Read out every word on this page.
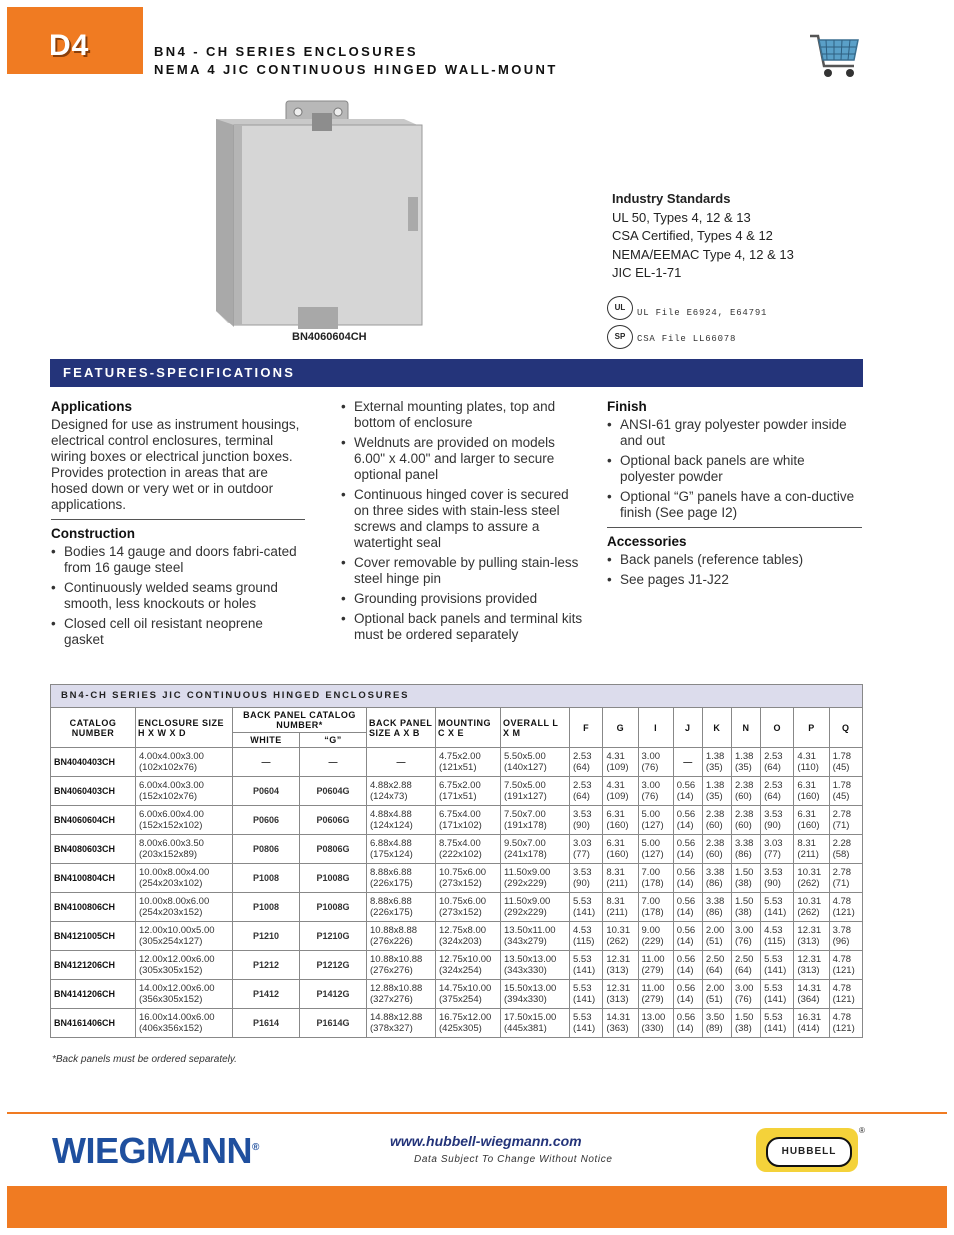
D4	BN4 - CH SERIES ENCLOSURES
NEMA 4 JIC CONTINUOUS HINGED WALL-MOUNT
BN4060604CH
Industry Standards
UL 50, Types 4, 12 & 13
CSA Certified, Types 4 & 12
NEMA/EEMAC Type 4, 12 & 13
JIC EL-1-71
UL
UL File E6924, E64791
SP	CSA File LL66078
FEATURES-SPECIFICATIONS
Applications

Designed for use as instrument housings, electrical control enclosures, terminal wiring boxes or electrical junction boxes. Provides protection in areas that are hosed down or very wet or in outdoor applications.

Construction
• Bodies 14 gauge and doors fabri-cated from 16 gauge steel
• Continuously welded seams ground smooth, less knockouts or holes
• Closed cell oil resistant neoprene gasket
• External mounting plates, top and bottom of enclosure
• Weldnuts are provided on models 6.00" x 4.00" and larger to secure optional panel
• Continuous hinged cover is secured on three sides with stain-less steel screws and clamps to assure a watertight seal
• Cover removable by pulling stain-less steel hinge pin
• Grounding provisions provided
• Optional back panels and terminal kits must be ordered separately
Finish
• ANSI-61 gray polyester powder inside and out
• Optional back panels are white polyester powder
• Optional “G” panels have a con-ductive finish (See page I2)
Accessories
• Back panels (reference tables)
• See pages J1-J22
BN4-CH SERIES JIC CONTINUOUS HINGED ENCLOSURES
CATALOG NUMBER	ENCLOSURE SIZE H X W X D	BACK PANEL CATALOG NUMBER*		BACK PANEL SIZE A X B	MOUNTING C X E	OVERALL L X M	F	G	I	J	K	N	O	P	Q
		WHITE	“G”												
BN4040403CH	4.00x4.00x3.00
(102x102x76)	—	—	—	4.75x2.00
(121x51)	5.50x5.00
(140x127)	2.53
(64)	4.31
(109)	3.00
(76)	—	1.38
(35)	1.38
(35)	2.53
(64)	4.31
(110)	1.78
(45)
BN4060403CH	6.00x4.00x3.00
(152x102x76)	P0604	P0604G	4.88x2.88
(124x73)	6.75x2.00
(171x51)	7.50x5.00
(191x127)	2.53
(64)	4.31
(109)	3.00
(76)	0.56
(14)	1.38
(35)	2.38
(60)	2.53
(64)	6.31
(160)	1.78
(45)
BN4060604CH	6.00x6.00x4.00
(152x152x102)	P0606	P0606G	4.88x4.88
(124x124)	6.75x4.00
(171x102)	7.50x7.00
(191x178)	3.53
(90)	6.31
(160)	5.00
(127)	0.56
(14)	2.38
(60)	2.38
(60)	3.53
(90)	6.31
(160)	2.78
(71)
BN4080603CH	8.00x6.00x3.50
(203x152x89)	P0806	P0806G	6.88x4.88
(175x124)	8.75x4.00
(222x102)	9.50x7.00
(241x178)	3.03
(77)	6.31
(160)	5.00
(127)	0.56
(14)	2.38
(60)	3.38
(86)	3.03
(77)	8.31
(211)	2.28
(58)
BN4100804CH	10.00x8.00x4.00
(254x203x102)	P1008	P1008G	8.88x6.88
(226x175)	10.75x6.00
(273x152)	11.50x9.00
(292x229)	3.53
(90)	8.31
(211)	7.00
(178)	0.56
(14)	3.38
(86)	1.50
(38)	3.53
(90)	10.31
(262)	2.78
(71)
BN4100806CH	10.00x8.00x6.00
(254x203x152)	P1008	P1008G	8.88x6.88
(226x175)	10.75x6.00
(273x152)	11.50x9.00
(292x229)	5.53
(141)	8.31
(211)	7.00
(178)	0.56
(14)	3.38
(86)	1.50
(38)	5.53
(141)	10.31
(262)	4.78
(121)
BN4121005CH	12.00x10.00x5.00
(305x254x127)	P1210	P1210G	10.88x8.88
(276x226)	12.75x8.00
(324x203)	13.50x11.00
(343x279)	4.53
(115)	10.31
(262)	9.00
(229)	0.56
(14)	2.00
(51)	3.00
(76)	4.53
(115)	12.31
(313)	3.78
(96)
BN4121206CH	12.00x12.00x6.00
(305x305x152)	P1212	P1212G	10.88x10.88
(276x276)	12.75x10.00
(324x254)	13.50x13.00
(343x330)	5.53
(141)	12.31
(313)	11.00
(279)	0.56
(14)	2.50
(64)	2.50
(64)	5.53
(141)	12.31
(313)	4.78
(121)
BN4141206CH	14.00x12.00x6.00
(356x305x152)	P1412	P1412G	12.88x10.88
(327x276)	14.75x10.00
(375x254)	15.50x13.00
(394x330)	5.53
(141)	12.31
(313)	11.00
(279)	0.56
(14)	2.00
(51)	3.00
(76)	5.53
(141)	14.31
(364)	4.78
(121)
BN4161406CH	16.00x14.00x6.00
(406x356x152)	P1614	P1614G	14.88x12.88
(378x327)	16.75x12.00
(425x305)	17.50x15.00
(445x381)	5.53
(141)	14.31
(363)	13.00
(330)	0.56
(14)	3.50
(89)	1.50
(38)	5.53
(141)	16.31
(414)	4.78
(121)
*Back panels must be ordered separately.
WIEGMANN®	www.hubbell-wiegmann.com
Data Subject To Change Without Notice
HUBBELL
®
